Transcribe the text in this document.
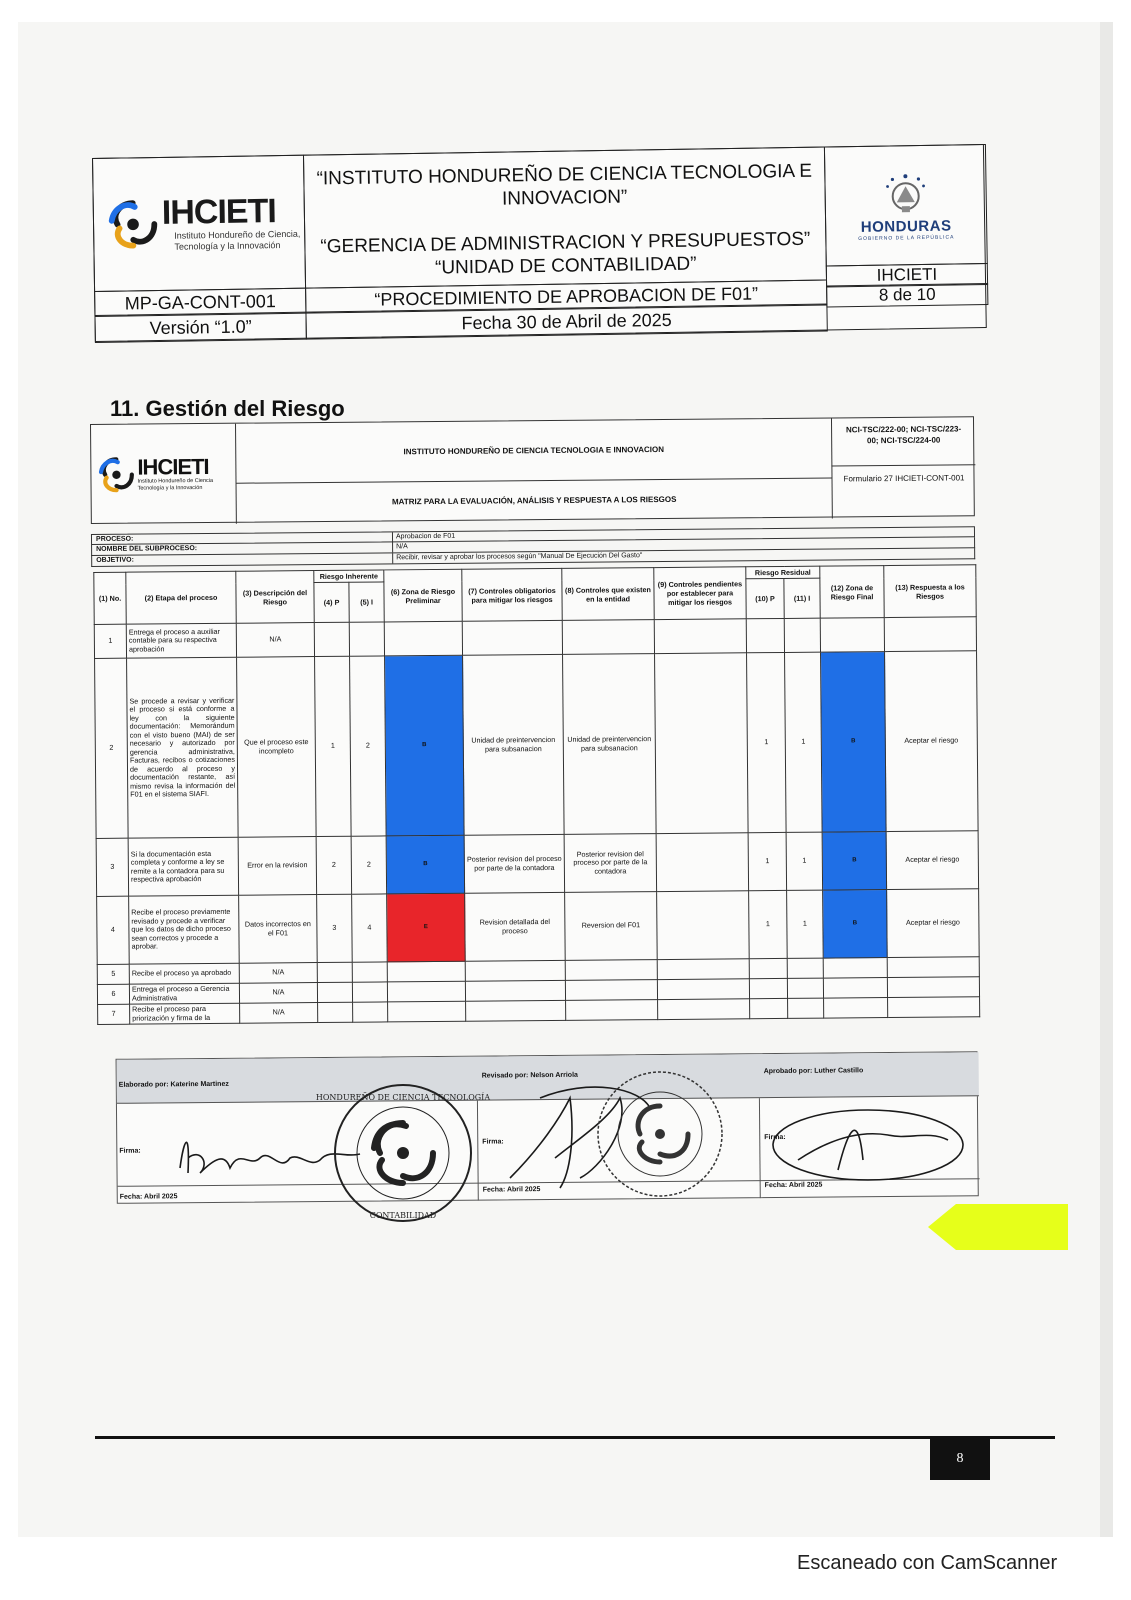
IHCIETI
Instituto Hondureño de Ciencia,
Tecnología y la Innovación
“INSTITUTO HONDUREÑO DE CIENCIA TECNOLOGIA E
INNOVACION”
“GERENCIA DE ADMINISTRACION Y PRESUPUESTOS”
“UNIDAD DE CONTABILIDAD”
HONDURAS
GOBIERNO DE LA REPÚBLICA
MP-GA-CONT-001
Versión “1.0”
“PROCEDIMIENTO DE APROBACION DE F01”
Fecha 30 de Abril de 2025
IHCIETI
8 de 10
11. Gestión del Riesgo
IHCIETI
Instituto Hondureño de Ciencia
Tecnología y la Innovación
INSTITUTO HONDUREÑO DE CIENCIA TECNOLOGIA E INNOVACION
MATRIZ PARA LA EVALUACIÓN, ANÁLISIS Y RESPUESTA A LOS RIESGOS
NCI-TSC/222-00; NCI-TSC/223-
00; NCI-TSC/224-00
Formulario 27 IHCIETI-CONT-001
PROCESO:	Aprobacion de F01
NOMBRE DEL SUBPROCESO:	N/A
OBJETIVO:	Recibir, revisar y aprobar los procesos según "Manual De Ejecución Del Gasto"
(1) No.	(2) Etapa del proceso	(3) Descripción del Riesgo	Riesgo Inherente		(6) Zona de Riesgo Preliminar	(7) Controles obligatorios para mitigar los riesgos	(8) Controles que existen en la entidad	(9) Controles pendientes por establecer para mitigar los riesgos	Riesgo Residual		(12) Zona de Riesgo Final	(13) Respuesta a los Riesgos
			(4) P	(5) I					(10) P	(11) I		
1	Entrega el proceso a auxiliar contable para su respectiva aprobación	N/A										
2	Se procede a revisar y verificar el proceso si está conforme a ley con la siguiente documentación: Memorándum con el visto bueno (MAI) de ser necesario y autorizado por gerencia administrativa, Facturas, recibos o cotizaciones de acuerdo al proceso y documentación restante, así mismo revisa la información del F01 en el sistema SIAFI.	Que el proceso este incompleto	1	2	B	Unidad de preintervencion para subsanacion	Unidad de preintervencion para subsanacion		1	1	B	Aceptar el riesgo
3	Si la documentación esta completa y conforme a ley se remite a la contadora para su respectiva aprobación	Error en la revision	2	2	B	Posterior revision del proceso por parte de la contadora	Posterior revision del proceso por parte de la contadora		1	1	B	Aceptar el riesgo
4	Recibe el proceso previamente revisado y procede a verificar que los datos de dicho proceso sean correctos y procede a aprobar.	Datos incorrectos en el F01	3	4	E	Revision detallada del proceso	Reversion del F01		1	1	B	Aceptar el riesgo
5	Recibe el proceso ya aprobado	N/A										
6	Entrega el proceso a Gerencia Administrativa	N/A										
7	Recibe el proceso para priorización y firma de la	N/A										
Elaborado por: Katerine Martinez
Revisado por: Nelson Arriola
Aprobado por: Luther Castillo
Firma:
Firma:
Firma:
Fecha: Abril 2025
Fecha: Abril 2025
Fecha: Abril 2025
HONDUREÑO DE CIENCIA TECNOLOGÍA
CONTABILIDAD
8
Escaneado con CamScanner
